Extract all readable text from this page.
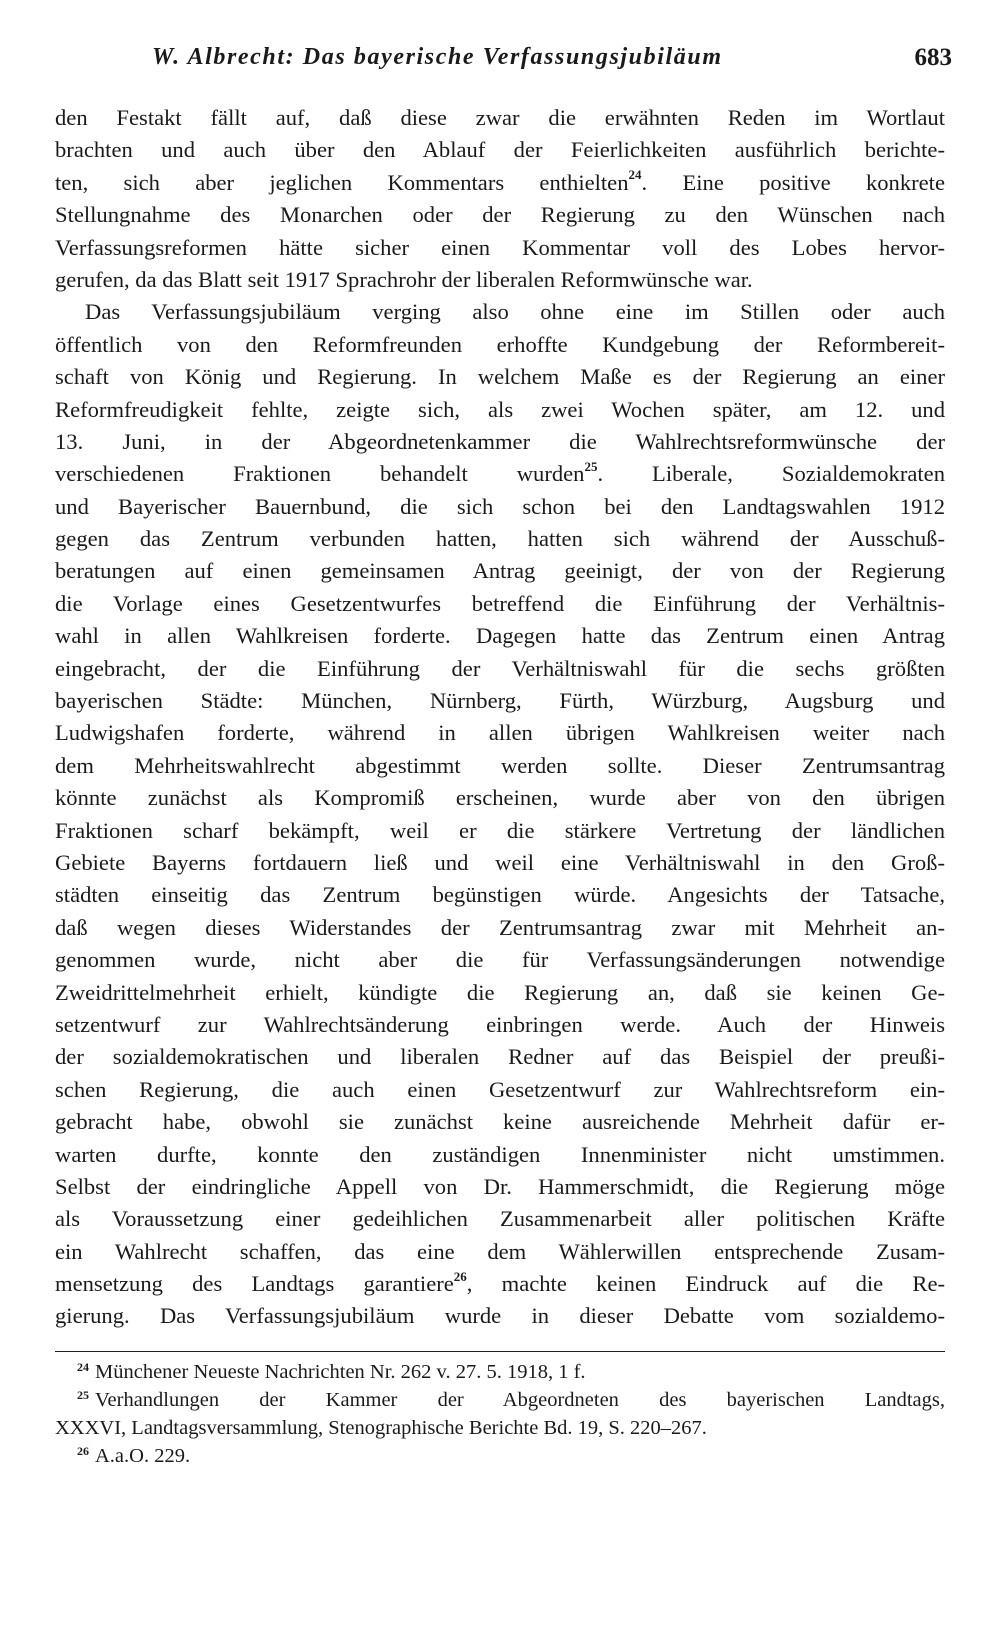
W. Albrecht: Das bayerische Verfassungsjubiläum	683
den Festakt fällt auf, daß diese zwar die erwähnten Reden im Wortlaut
brachten und auch über den Ablauf der Feierlichkeiten ausführlich berichte-
ten, sich aber jeglichen Kommentars enthielten$^{24}$. Eine positive konkrete
Stellungnahme des Monarchen oder der Regierung zu den Wünschen nach
Verfassungsreformen hätte sicher einen Kommentar voll des Lobes hervor-
gerufen, da das Blatt seit 1917 Sprachrohr der liberalen Reformwünsche war.
Das Verfassungsjubiläum verging also ohne eine im Stillen oder auch
öffentlich von den Reformfreunden erhoffte Kundgebung der Reformbereit-
schaft von König und Regierung. In welchem Maße es der Regierung an einer
Reformfreudigkeit fehlte, zeigte sich, als zwei Wochen später, am 12. und
13. Juni, in der Abgeordnetenkammer die Wahlrechtsreformwünsche der
verschiedenen Fraktionen behandelt wurden$^{25}$. Liberale, Sozialdemokraten
und Bayerischer Bauernbund, die sich schon bei den Landtagswahlen 1912
gegen das Zentrum verbunden hatten, hatten sich während der Ausschuß-
beratungen auf einen gemeinsamen Antrag geeinigt, der von der Regierung
die Vorlage eines Gesetzentwurfes betreffend die Einführung der Verhältnis-
wahl in allen Wahlkreisen forderte. Dagegen hatte das Zentrum einen Antrag
eingebracht, der die Einführung der Verhältniswahl für die sechs größten
bayerischen Städte: München, Nürnberg, Fürth, Würzburg, Augsburg und
Ludwigshafen forderte, während in allen übrigen Wahlkreisen weiter nach
dem Mehrheitswahlrecht abgestimmt werden sollte. Dieser Zentrumsantrag
könnte zunächst als Kompromiß erscheinen, wurde aber von den übrigen
Fraktionen scharf bekämpft, weil er die stärkere Vertretung der ländlichen
Gebiete Bayerns fortdauern ließ und weil eine Verhältniswahl in den Groß-
städten einseitig das Zentrum begünstigen würde. Angesichts der Tatsache,
daß wegen dieses Widerstandes der Zentrumsantrag zwar mit Mehrheit an-
genommen wurde, nicht aber die für Verfassungsänderungen notwendige
Zweidrittelmehrheit erhielt, kündigte die Regierung an, daß sie keinen Ge-
setzentwurf zur Wahlrechtsänderung einbringen werde. Auch der Hinweis
der sozialdemokratischen und liberalen Redner auf das Beispiel der preußi-
schen Regierung, die auch einen Gesetzentwurf zur Wahlrechtsreform ein-
gebracht habe, obwohl sie zunächst keine ausreichende Mehrheit dafür er-
warten durfte, konnte den zuständigen Innenminister nicht umstimmen.
Selbst der eindringliche Appell von Dr. Hammerschmidt, die Regierung möge
als Voraussetzung einer gedeihlichen Zusammenarbeit aller politischen Kräfte
ein Wahlrecht schaffen, das eine dem Wählerwillen entsprechende Zusam-
mensetzung des Landtags garantiere$^{26}$, machte keinen Eindruck auf die Re-
gierung. Das Verfassungsjubiläum wurde in dieser Debatte vom sozialdemo-
$^{24}$ Münchener Neueste Nachrichten Nr. 262 v. 27. 5. 1918, 1 f.
$^{25}$ Verhandlungen der Kammer der Abgeordneten des bayerischen Landtags,
XXXVI, Landtagsversammlung, Stenographische Berichte Bd. 19, S. 220–267.
$^{26}$ A.a.O. 229.
